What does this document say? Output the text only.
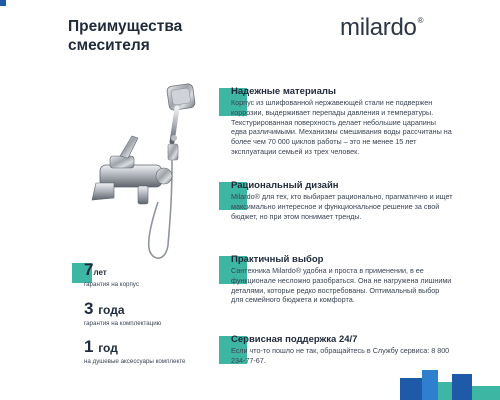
Преимущества
смесителя
milardo®
Надежные материалы
Корпус из шлифованной нержавеющей стали не подвержен коррозии, выдерживает перепады давления и температуры. Текстурированная поверхность делает небольшие царапины едва различимыми. Механизмы смешивания воды рассчитаны на более чем 70 000 циклов работы – это не менее 15 лет эксплуатации семьей из трех человек.
Рациональный дизайн
Milardo® для тех, кто выбирает рационально, прагматично и ищет максимально интересное и функциональное решение за свой бюджет, но при этом понимает тренды.
Практичный выбор
Сантехника Milardo® удобна и проста в применении, в ее функционале несложно разобраться. Она не нагружена лишними деталями, которые редко востребованы. Оптимальный выбор для семейного бюджета и комфорта.
Сервисная поддержка 24/7
Если что-то пошло не так, обращайтесь в Службу сервиса: 8 800 234-77-67.
7лет
гарантия на корпус
3 года
гарантия на комплектацию
1 год
на душевые аксессуары комплекте
